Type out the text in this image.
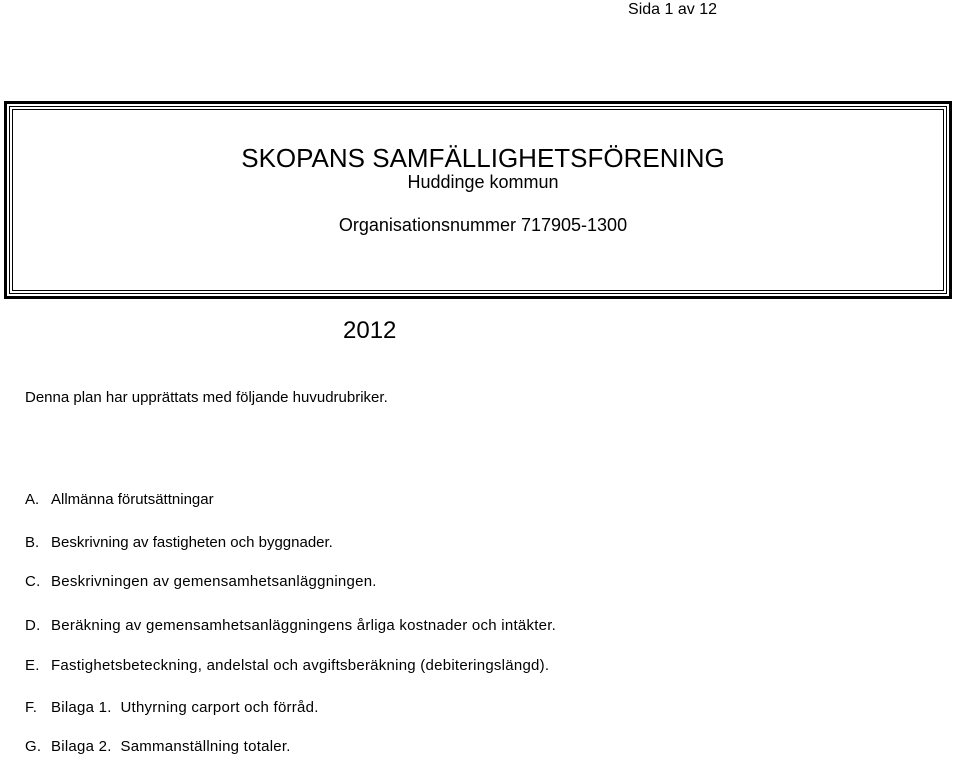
Sida 1 av 12
SKOPANS SAMFÄLLIGHETSFÖRENING
Huddinge kommun
Organisationsnummer 717905-1300
2012
Denna plan har upprättats med följande huvudrubriker.
A. Allmänna förutsättningar
B. Beskrivning av fastigheten och byggnader.
C. Beskrivningen av gemensamhetsanläggningen.
D. Beräkning av gemensamhetsanläggningens årliga kostnader och intäkter.
E. Fastighetsbeteckning, andelstal och avgiftsberäkning (debiteringslängd).
F. Bilaga 1.  Uthyrning carport och förråd.
G. Bilaga 2.  Sammanställning totaler.
